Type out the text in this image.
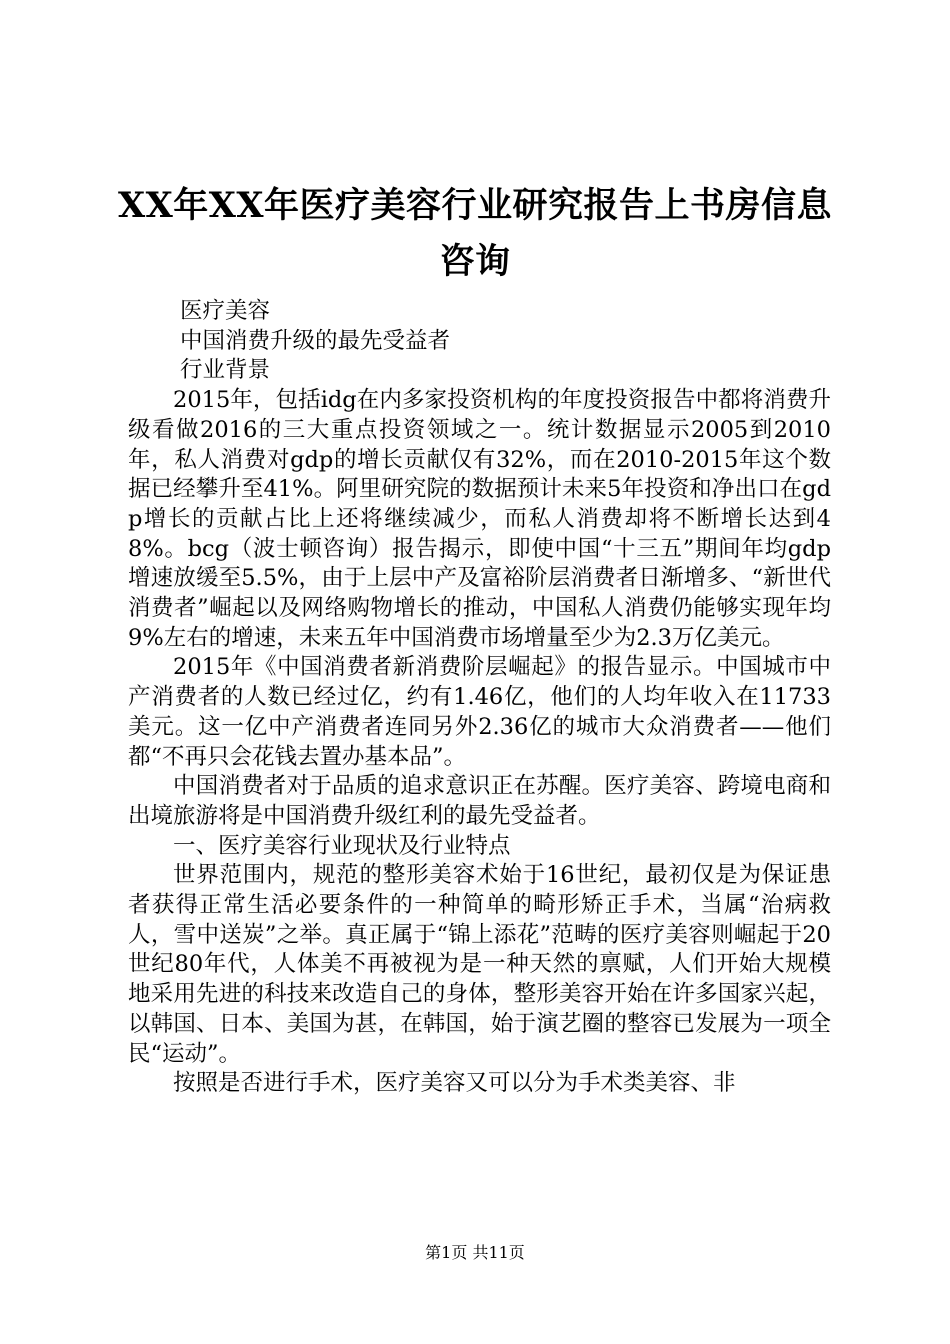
XX年XX年医疗美容行业研究报告上书房信息咨询

医疗美容

中国消费升级的最先受益者

行业背景

2015年，包括idg在内多家投资机构的年度投资报告中都将消费升级看做2016的三大重点投资领域之一。统计数据显示2005到2010年，私人消费对gdp的增长贡献仅有32%，而在2010-2015年这个数据已经攀升至41%。阿里研究院的数据预计未来5年投资和净出口在gdp增长的贡献占比上还将继续减少，而私人消费却将不断增长达到48%。bcg（波士顿咨询）报告揭示，即使中国“十三五”期间年均gdp增速放缓至5.5%，由于上层中产及富裕阶层消费者日渐增多、“新世代消费者”崛起以及网络购物增长的推动，中国私人消费仍能够实现年均9%左右的增速，未来五年中国消费市场增量至少为2.3万亿美元。

2015年《中国消费者新消费阶层崛起》的报告显示。中国城市中产消费者的人数已经过亿，约有1.46亿，他们的人均年收入在11733美元。这一亿中产消费者连同另外2.36亿的城市大众消费者——他们都“不再只会花钱去置办基本品”。

中国消费者对于品质的追求意识正在苏醒。医疗美容、跨境电商和出境旅游将是中国消费升级红利的最先受益者。

一、医疗美容行业现状及行业特点

世界范围内，规范的整形美容术始于16世纪，最初仅是为保证患者获得正常生活必要条件的一种简单的畸形矫正手术，当属“治病救人，雪中送炭”之举。真正属于“锦上添花”范畴的医疗美容则崛起于20世纪80年代，人体美不再被视为是一种天然的禀赋，人们开始大规模地采用先进的科技来改造自己的身体，整形美容开始在许多国家兴起，以韩国、日本、美国为甚，在韩国，始于演艺圈的整容已发展为一项全民“运动”。

按照是否进行手术，医疗美容又可以分为手术类美容、非

第1页 共11页
